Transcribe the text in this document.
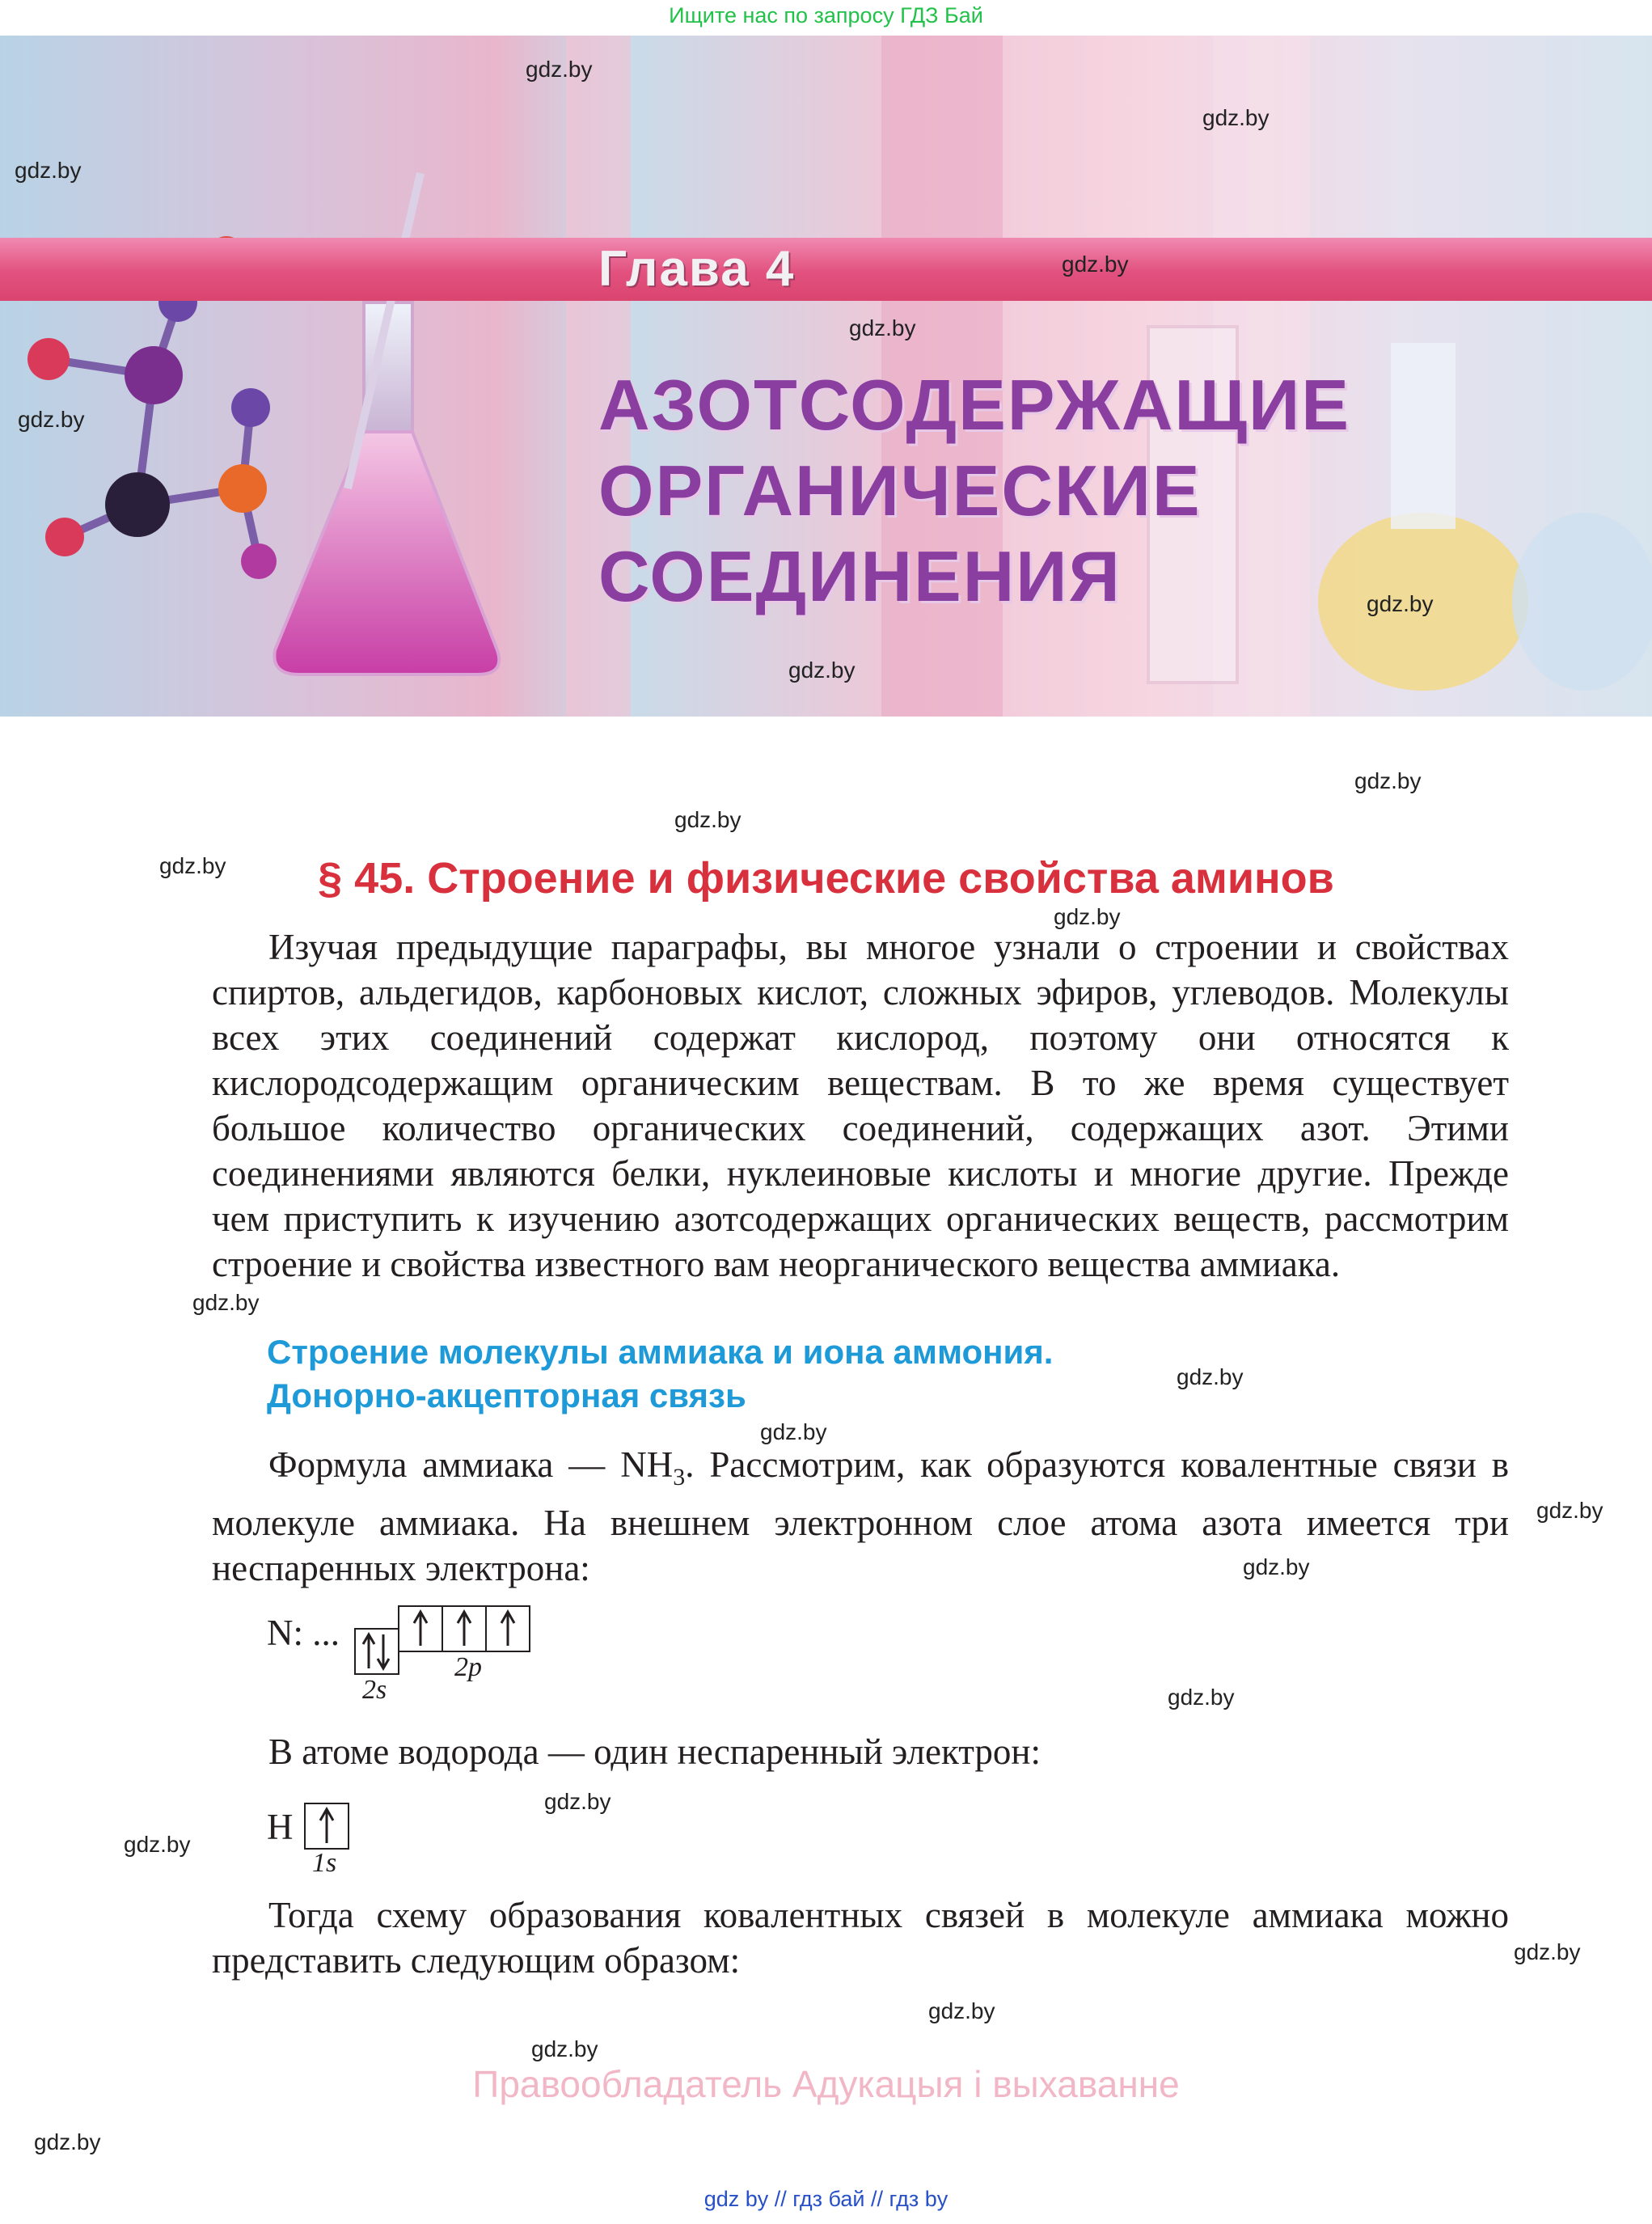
Ищите нас по запросу ГДЗ Бай
Глава 4
АЗОТСОДЕРЖАЩИЕ
ОРГАНИЧЕСКИЕ
СОЕДИНЕНИЯ
§ 45. Строение и физические свойства аминов
Изучая предыдущие параграфы, вы многое узнали о строении и свойствах спиртов, альдегидов, карбоновых кислот, сложных эфиров, углеводов. Молекулы всех этих соединений содержат кислород, поэтому они относятся к кислородсодержащим органическим веществам. В то же время существует большое количество органических соединений, содержащих азот. Этими соединениями являются белки, нуклеиновые кислоты и многие другие. Прежде чем приступить к изучению азотсодержащих органических веществ, рассмотрим строение и свойства известного вам неорганического вещества аммиака.
Строение молекулы аммиака и иона аммония.
Донорно-акцепторная связь
Формула аммиака — $NH_3$. Рассмотрим, как образуются ковалентные связи в молекуле аммиака. На внешнем электронном слое атома азота имеется три неспаренных электрона:
N: ...
2s
2p
В атоме водорода — один неспаренный электрон:
H
1s
Тогда схему образования ковалентных связей в молекуле аммиака можно представить следующим образом:
gdz.by
gdz.by
gdz.by
gdz.by
gdz.by
gdz.by
gdz.by
gdz.by
gdz.by
gdz.by
gdz.by
gdz.by
gdz.by
gdz.by
gdz.by
gdz.by
gdz.by
gdz.by
gdz.by
gdz.by
gdz.by
gdz.by
gdz.by
gdz.by
Правообладатель Адукацыя і выхаванне
gdz by // гдз бай // гдз by
